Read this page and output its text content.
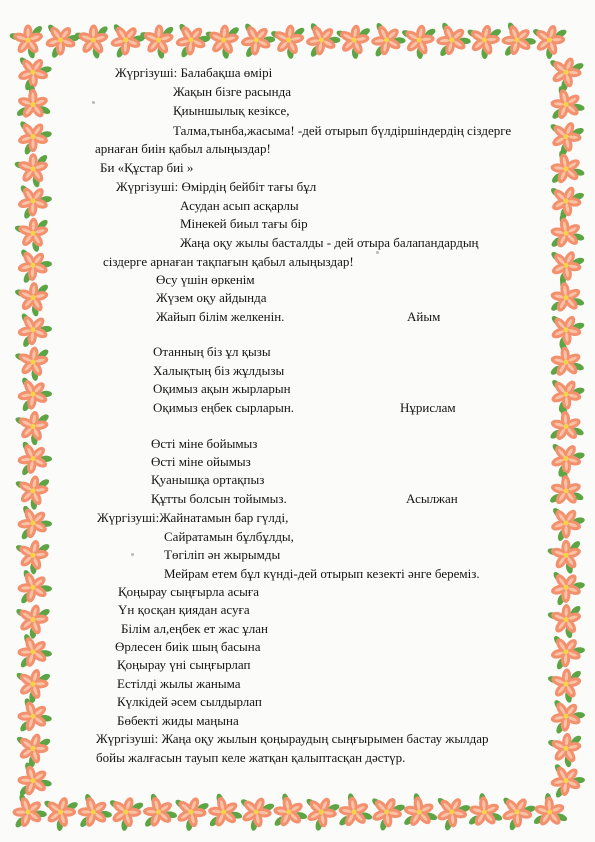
Жүргізуші: Балабақша өмірі
Жақын бізге расында
Қиыншылық кезіксе,
Талма,тынба,жасыма! -дей отырып бүлдіршіндердің сіздерге
арнаған биін қабыл алыңыздар!
Би «Құстар биі »
Жүргізуші: Өмірдің бейбіт тағы бұл
Асудан асып асқарлы
Мінекей биыл тағы бір
Жаңа оқу жылы басталды - дей отыра балапандардың
сіздерге арнаған тақпағын қабыл алыңыздар!
Өсу үшін өркенім
Жүзем оқу айдында
Жайып білім желкенін.	Айым
Отанның біз ұл қызы
Халықтың біз жұлдызы
Оқимыз ақын жырларын
Оқимыз еңбек сырларын.	Нұрислам
Өсті міне бойымыз
Өсті міне ойымыз
Қуанышқа ортақпыз
Құтты болсын тойымыз.	Асылжан
Жүргізуші:Жайнатамын бар гүлді,
Сайратамын бұлбұлды,
Төгіліп ән жырымды
Мейрам етем бұл күнді-дей отырып кезекті әнге береміз.
Қоңырау сыңғырла асыға
Үн қосқан қиядан асуға
Білім ал,еңбек ет жас ұлан
Өрлесен биік шың басына
Қоңырау үні сыңғырлап
Естілді жылы жаныма
Күлкідей әсем сылдырлап
Бөбекті жиды маңына
Жүргізуші: Жаңа оқу жылын қоңыраудың сыңғырымен бастау жылдар
бойы жалғасын тауып келе жатқан қалыптасқан дәстүр.
